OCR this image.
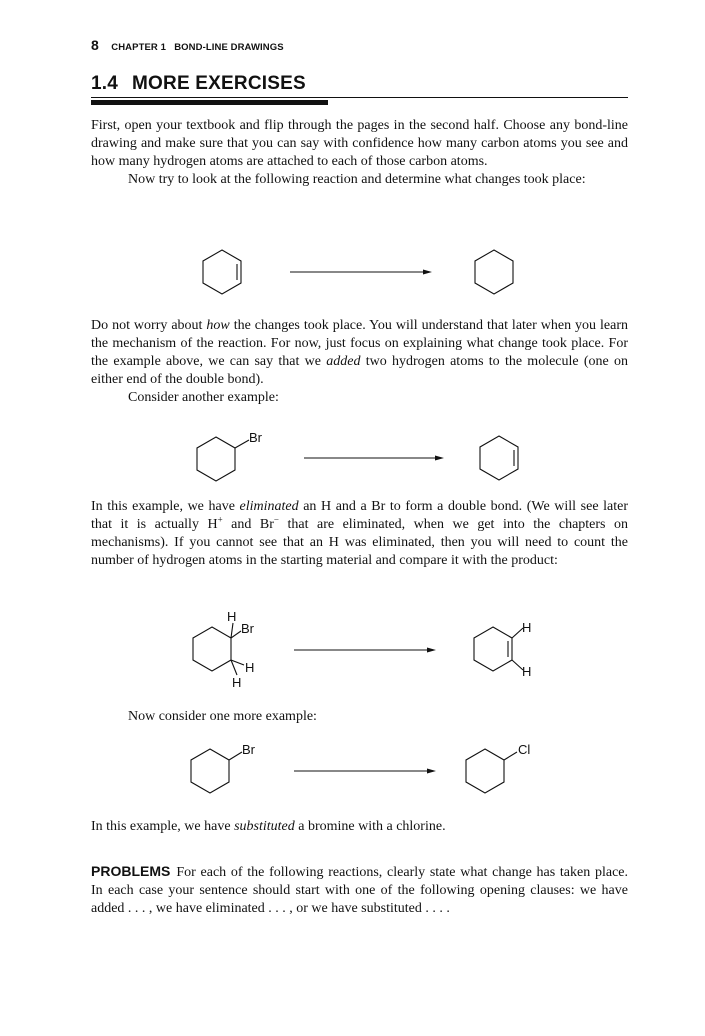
8 CHAPTER 1   BOND-LINE DRAWINGS
1.4 MORE EXERCISES

First, open your textbook and flip through the pages in the second half. Choose any bond-line drawing and make sure that you can say with confidence how many carbon atoms you see and how many hydrogen atoms are attached to each of those carbon atoms.

Now try to look at the following reaction and determine what changes took place:

Br
H
Br
H
H
H
H
Br	Cl

Do not worry about how the changes took place. You will understand that later when you learn the mechanism of the reaction. For now, just focus on explaining what change took place. For the example above, we can say that we added two hydrogen atoms to the molecule (one on either end of the double bond).

Consider another example:

In this example, we have eliminated an H and a Br to form a double bond. (We will see later that it is actually H+ and Br− that are eliminated, when we get into the chapters on mechanisms). If you cannot see that an H was eliminated, then you will need to count the number of hydrogen atoms in the starting material and compare it with the product:

Now consider one more example:
In this example, we have substituted a bromine with a chlorine.

PROBLEMS For each of the following reactions, clearly state what change has taken place. In each case your sentence should start with one of the following opening clauses: we have added . . . , we have eliminated . . . , or we have substituted . . . .
